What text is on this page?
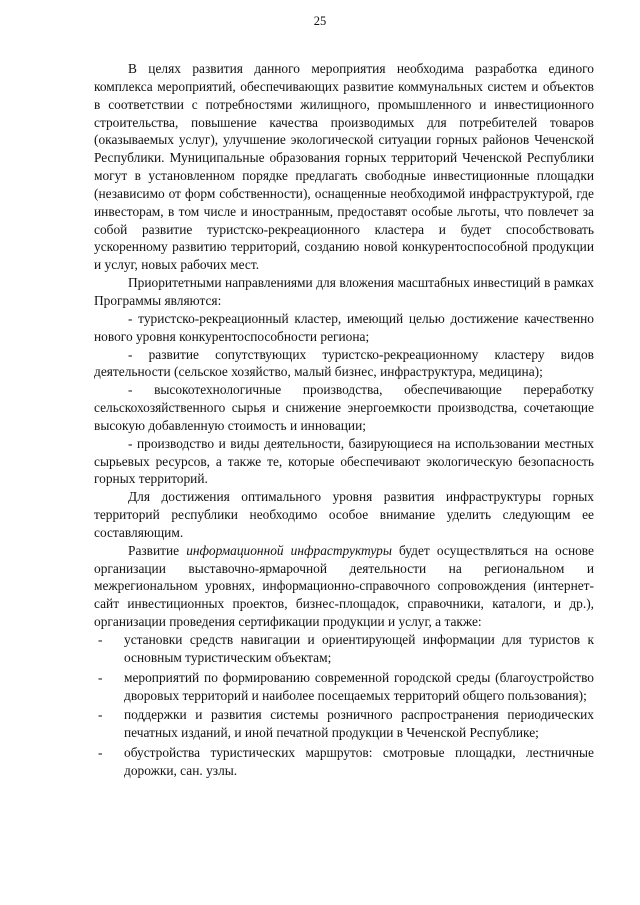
25

В целях развития данного мероприятия необходима разработка единого комплекса мероприятий, обеспечивающих развитие коммунальных систем и объектов в соответствии с потребностями жилищного, промышленного и инвестиционного строительства, повышение качества производимых для потребителей товаров (оказываемых услуг), улучшение экологической ситуации горных районов Чеченской Республики. Муниципальные образования горных территорий Чеченской Республики могут в установленном порядке предлагать свободные инвестиционные площадки (независимо от форм собственности), оснащенные необходимой инфраструктурой, где инвесторам, в том числе и иностранным, предоставят особые льготы, что повлечет за собой развитие туристско-рекреационного кластера и будет способствовать ускоренному развитию территорий, созданию новой конкурентоспособной продукции и услуг, новых рабочих мест.

Приоритетными направлениями для вложения масштабных инвестиций в рамках Программы являются:

- туристско-рекреационный кластер, имеющий целью достижение качественно нового уровня конкурентоспособности региона;

- развитие сопутствующих туристско-рекреационному кластеру видов деятельности (сельское хозяйство, малый бизнес, инфраструктура, медицина);

- высокотехнологичные производства, обеспечивающие переработку сельскохозяйственного сырья и снижение энергоемкости производства, сочетающие высокую добавленную стоимость и инновации;

- производство и виды деятельности, базирующиеся на использовании местных сырьевых ресурсов, а также те, которые обеспечивают экологическую безопасность горных территорий.

Для достижения оптимального уровня развития инфраструктуры горных территорий республики необходимо особое внимание уделить следующим ее составляющим.

Развитие информационной инфраструктуры будет осуществляться на основе организации выставочно-ярмарочной деятельности на региональном и межрегиональном уровнях, информационно-справочного сопровождения (интернет-сайт инвестиционных проектов, бизнес-площадок, справочники, каталоги, и др.), организации проведения сертификации продукции и услуг, а также:

- установки средств навигации и ориентирующей информации для туристов к основным туристическим объектам;
- мероприятий по формированию современной городской среды (благоустройство дворовых территорий и наиболее посещаемых территорий общего пользования);
- поддержки и развития системы розничного распространения периодических печатных изданий, и иной печатной продукции в Чеченской Республике;
- обустройства туристических маршрутов: смотровые площадки, лестничные дорожки, сан. узлы.
